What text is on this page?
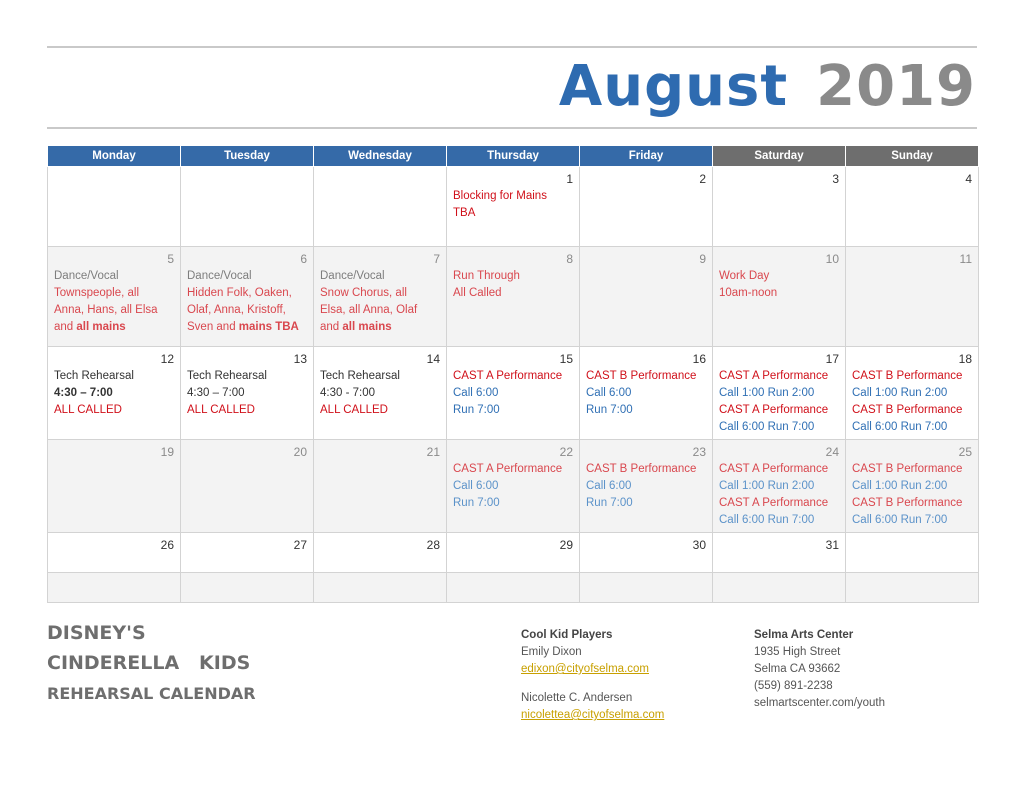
August 2019
Monday	Tuesday	Wednesday	Thursday	Friday	Saturday	Sunday

			1
Blocking for Mains
TBA	2	3	4

5
Dance/Vocal
Townspeople, all
Anna, Hans, all Elsa
and all mains	6
Dance/Vocal
Hidden Folk, Oaken,
Olaf, Anna, Kristoff,
Sven and mains TBA	7
Dance/Vocal
Snow Chorus, all
Elsa, all Anna, Olaf
and all mains	8
Run Through
All Called	9	10
Work Day
10am-noon	11

12
Tech Rehearsal
4:30 – 7:00
ALL CALLED	13
Tech Rehearsal
4:30 – 7:00
ALL CALLED	14
Tech Rehearsal
4:30 - 7:00
ALL CALLED	15
CAST A Performance
Call 6:00
Run 7:00	16
CAST B Performance
Call 6:00
Run 7:00	17
CAST A Performance
Call 1:00 Run 2:00
CAST A Performance
Call 6:00 Run 7:00	18
CAST B Performance
Call 1:00 Run 2:00
CAST B Performance
Call 6:00 Run 7:00

19	20	21	22
CAST A Performance
Call 6:00
Run 7:00	23
CAST B Performance
Call 6:00
Run 7:00	24
CAST A Performance
Call 1:00 Run 2:00
CAST A Performance
Call 6:00 Run 7:00	25
CAST B Performance
Call 1:00 Run 2:00
CAST B Performance
Call 6:00 Run 7:00

26	27	28	29	30	31	

DISNEY'S
CINDERELLA   KIDS
REHEARSAL CALENDAR
Cool Kid Players
Emily Dixon
edixon@cityofselma.com
Nicolette C. Andersen
nicolettea@cityofselma.com
Selma Arts Center
1935 High Street
Selma CA 93662
(559) 891-2238
selmartscenter.com/youth
